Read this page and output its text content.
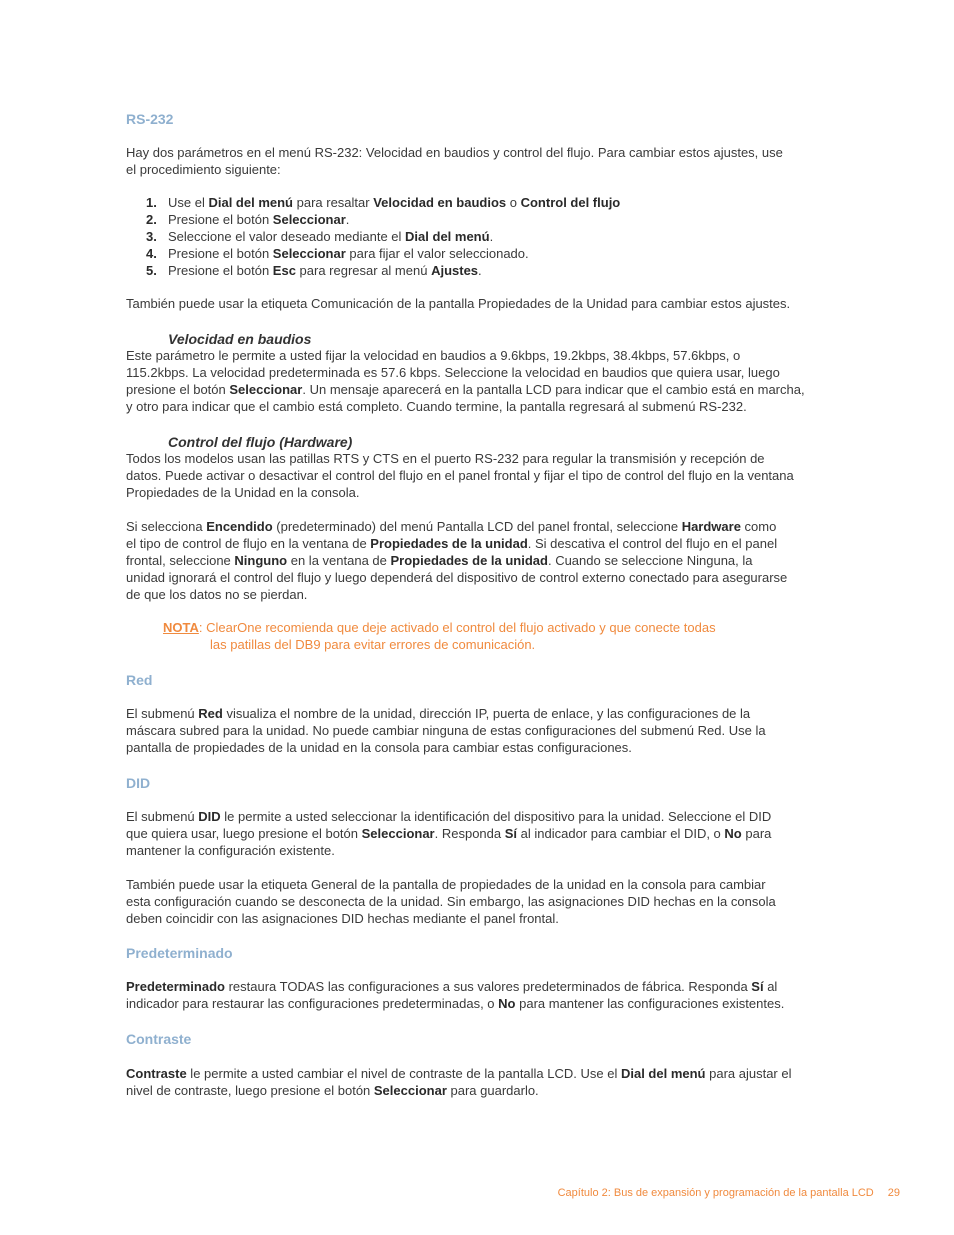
RS-232

Hay dos parámetros en el menú RS-232: Velocidad en baudios y control del flujo. Para cambiar estos ajustes, use

el procedimiento siguiente:

1. Use el Dial del menú para resaltar Velocidad en baudios o Control del flujo
2. Presione el botón Seleccionar.
3. Seleccione el valor deseado mediante el Dial del menú.
4. Presione el botón Seleccionar para fijar el valor seleccionado.
5. Presione el botón Esc para regresar al menú Ajustes.

También puede usar la etiqueta Comunicación de la pantalla Propiedades de la Unidad para cambiar estos ajustes.

Velocidad en baudios

Este parámetro le permite a usted fijar la velocidad en baudios a 9.6kbps, 19.2kbps, 38.4kbps, 57.6kbps, o

115.2kbps. La velocidad predeterminada es 57.6 kbps. Seleccione la velocidad en baudios que quiera usar, luego

presione el botón Seleccionar. Un mensaje aparecerá en la pantalla LCD para indicar que el cambio está en marcha,

y otro para indicar que el cambio está completo. Cuando termine, la pantalla regresará al submenú RS-232.

Control del flujo (Hardware)

Todos los modelos usan las patillas RTS y CTS en el puerto RS-232 para regular la transmisión y recepción de

datos. Puede activar o desactivar el control del flujo en el panel frontal y fijar el tipo de control del flujo en la ventana

Propiedades de la Unidad en la consola.

Si selecciona Encendido (predeterminado) del menú Pantalla LCD del panel frontal, seleccione Hardware como

el tipo de control de flujo en la ventana de Propiedades de la unidad. Si descativa el control del flujo en el panel

frontal, seleccione Ninguno en la ventana de Propiedades de la unidad. Cuando se seleccione Ninguna, la

unidad ignorará el control del flujo y luego dependerá del dispositivo de control externo conectado para asegurarse

de que los datos no se pierdan.

NOTA: ClearOne recomienda que deje activado el control del flujo activado y que conecte todas
las patillas del DB9 para evitar errores de comunicación.
Red

El submenú Red visualiza el nombre de la unidad, dirección IP, puerta de enlace, y las configuraciones de la

máscara subred para la unidad. No puede cambiar ninguna de estas configuraciones del submenú Red. Use la

pantalla de propiedades de la unidad en la consola para cambiar estas configuraciones.

DID

El submenú DID le permite a usted seleccionar la identificación del dispositivo para la unidad. Seleccione el DID

que quiera usar, luego presione el botón Seleccionar. Responda Sí al indicador para cambiar el DID, o No para

mantener la configuración existente.

También puede usar la etiqueta General de la pantalla de propiedades de la unidad en la consola para cambiar

esta configuración cuando se desconecta de la unidad. Sin embargo, las asignaciones DID hechas en la consola

deben coincidir con las asignaciones DID hechas mediante el panel frontal.

Predeterminado

Predeterminado restaura TODAS las configuraciones a sus valores predeterminados de fábrica. Responda Sí al

indicador para restaurar las configuraciones predeterminadas, o No para mantener las configuraciones existentes.

Contraste

Contraste le permite a usted cambiar el nivel de contraste de la pantalla LCD. Use el Dial del menú para ajustar el

nivel de contraste, luego presione el botón Seleccionar para guardarlo.

Capítulo 2: Bus de expansión y programación de la pantalla LCD 29
